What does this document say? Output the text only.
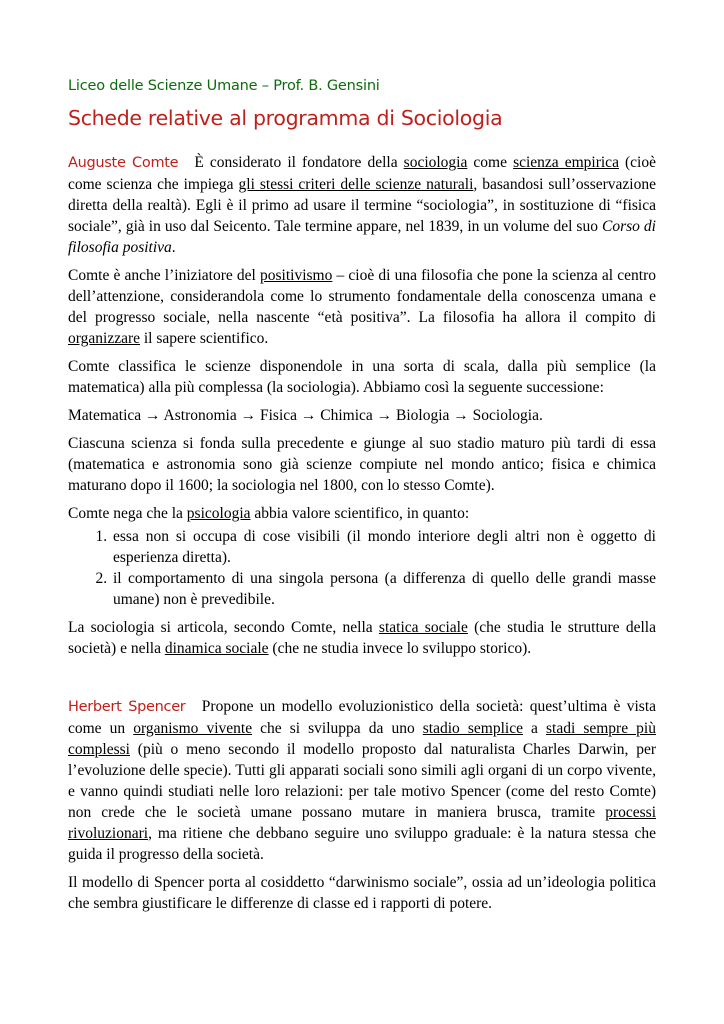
Liceo delle Scienze Umane – Prof. B. Gensini
Schede relative al programma di Sociologia

Auguste Comte È considerato il fondatore della sociologia come scienza empirica (cioè come scienza che impiega gli stessi criteri delle scienze naturali, basandosi sull’osservazione diretta della realtà). Egli è il primo ad usare il termine “sociologia”, in sostituzione di “fisica sociale”, già in uso dal Seicento. Tale termine appare, nel 1839, in un volume del suo Corso di filosofia positiva.

Comte è anche l’iniziatore del positivismo – cioè di una filosofia che pone la scienza al centro dell’attenzione, considerandola come lo strumento fondamentale della conoscenza umana e del progresso sociale, nella nascente “età positiva”. La filosofia ha allora il compito di organizzare il sapere scientifico.

Comte classifica le scienze disponendole in una sorta di scala, dalla più semplice (la matematica) alla più complessa (la sociologia). Abbiamo così la seguente successione:

Matematica → Astronomia → Fisica → Chimica → Biologia → Sociologia.

Ciascuna scienza si fonda sulla precedente e giunge al suo stadio maturo più tardi di essa (matematica e astronomia sono già scienze compiute nel mondo antico; fisica e chimica maturano dopo il 1600; la sociologia nel 1800, con lo stesso Comte).

Comte nega che la psicologia abbia valore scientifico, in quanto:

1. essa non si occupa di cose visibili (il mondo interiore degli altri non è oggetto di esperienza diretta).
2. il comportamento di una singola persona (a differenza di quello delle grandi masse umane) non è prevedibile.

La sociologia si articola, secondo Comte, nella statica sociale (che studia le strutture della società) e nella dinamica sociale (che ne studia invece lo sviluppo storico).

Herbert Spencer Propone un modello evoluzionistico della società: quest’ultima è vista come un organismo vivente che si sviluppa da uno stadio semplice a stadi sempre più complessi (più o meno secondo il modello proposto dal naturalista Charles Darwin, per l’evoluzione delle specie). Tutti gli apparati sociali sono simili agli organi di un corpo vivente, e vanno quindi studiati nelle loro relazioni: per tale motivo Spencer (come del resto Comte) non crede che le società umane possano mutare in maniera brusca, tramite processi rivoluzionari, ma ritiene che debbano seguire uno sviluppo graduale: è la natura stessa che guida il progresso della società.

Il modello di Spencer porta al cosiddetto “darwinismo sociale”, ossia ad un’ideologia politica che sembra giustificare le differenze di classe ed i rapporti di potere.
